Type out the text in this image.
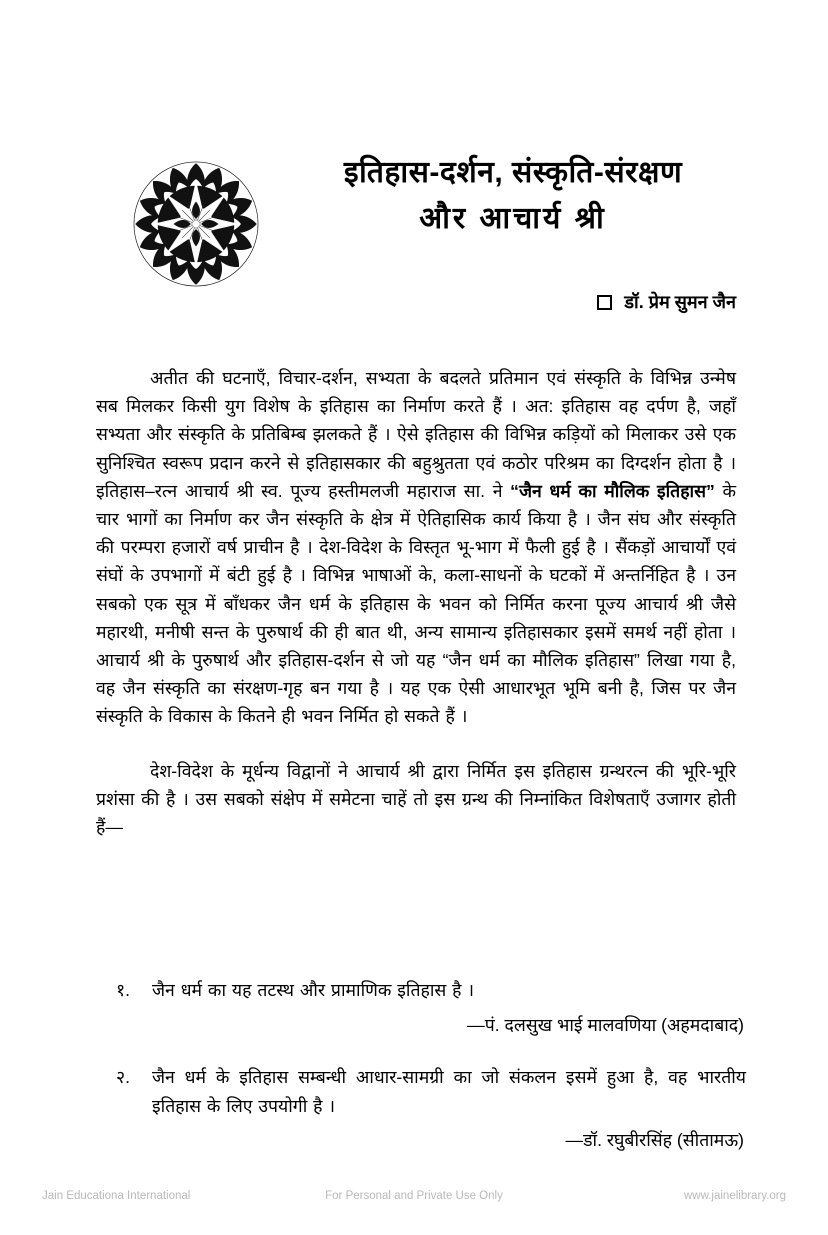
इतिहास-दर्शन, संस्कृति-संरक्षण
और आचार्य श्री
डॉ. प्रेम सुमन जैन

अतीत की घटनाएँ, विचार-दर्शन, सभ्यता के बदलते प्रतिमान एवं संस्कृति के विभिन्न उन्मेष सब मिलकर किसी युग विशेष के इतिहास का निर्माण करते हैं । अत: इतिहास वह दर्पण है, जहाँ सभ्यता और संस्कृति के प्रतिबिम्ब झलकते हैं । ऐसे इतिहास की विभिन्न कड़ियों को मिलाकर उसे एक सुनिश्चित स्वरूप प्रदान करने से इतिहासकार की बहुश्रुतता एवं कठोर परिश्रम का दिग्दर्शन होता है । इतिहास–रत्न आचार्य श्री स्व. पूज्य हस्तीमलजी महाराज सा. ने “जैन धर्म का मौलिक इतिहास” के चार भागों का निर्माण कर जैन संस्कृति के क्षेत्र में ऐतिहासिक कार्य किया है । जैन संघ और संस्कृति की परम्परा हजारों वर्ष प्राचीन है । देश-विदेश के विस्तृत भू-भाग में फैली हुई है । सैंकड़ों आचार्यों एवं संघों के उपभागों में बंटी हुई है । विभिन्न भाषाओं के, कला-साधनों के घटकों में अन्तर्निहित है । उन सबको एक सूत्र में बाँधकर जैन धर्म के इतिहास के भवन को निर्मित करना पूज्य आचार्य श्री जैसे महारथी, मनीषी सन्त के पुरुषार्थ की ही बात थी, अन्य सामान्य इतिहासकार इसमें समर्थ नहीं होता । आचार्य श्री के पुरुषार्थ और इतिहास-दर्शन से जो यह “जैन धर्म का मौलिक इतिहास” लिखा गया है, वह जैन संस्कृति का संरक्षण-गृह बन गया है । यह एक ऐसी आधारभूत भूमि बनी है, जिस पर जैन संस्कृति के विकास के कितने ही भवन निर्मित हो सकते हैं ।

देश-विदेश के मूर्धन्य विद्वानों ने आचार्य श्री द्वारा निर्मित इस इतिहास ग्रन्थरत्न की भूरि-भूरि प्रशंसा की है । उस सबको संक्षेप में समेटना चाहें तो इस ग्रन्थ की निम्नांकित विशेषताएँ उजागर होती हैं—

१.	जैन धर्म का यह तटस्थ और प्रामाणिक इतिहास है ।
—पं. दलसुख भाई मालवणिया (अहमदाबाद)
२.	जैन धर्म के इतिहास सम्बन्धी आधार-सामग्री का जो संकलन इसमें हुआ है, वह भारतीय इतिहास के लिए उपयोगी है ।
—डॉ. रघुबीरसिंह (सीतामऊ)
Jain Educationa International	For Personal and Private Use Only	www.jainelibrary.org
